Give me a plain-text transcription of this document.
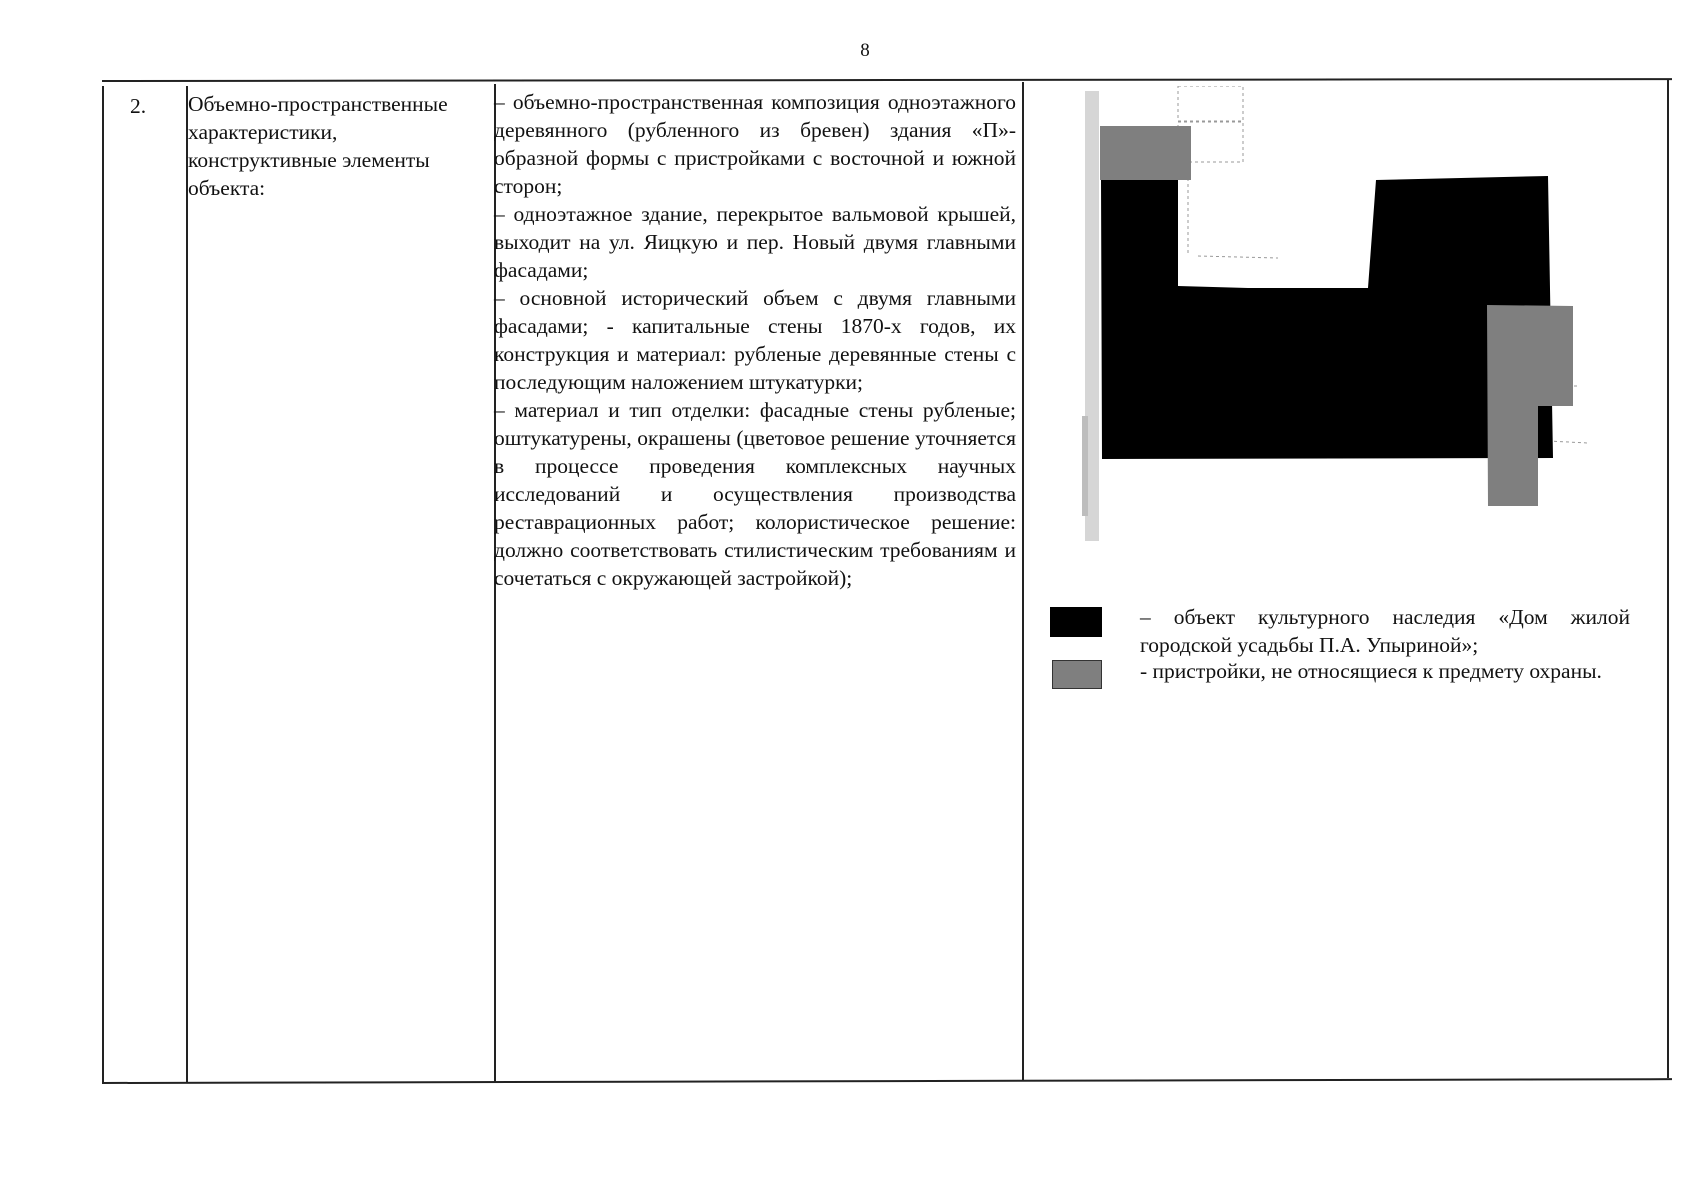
8
2. Объемно-пространственные характеристики, конструктивные элементы объекта:

– объемно-пространственная композиция одноэтажного деревянного (рубленного из бревен) здания «П»-образной формы с пристройками с восточной и южной сторон;

– одноэтажное здание, перекрытое вальмовой крышей, выходит на ул. Яицкую и пер. Новый двумя главными фасадами;

– основной исторический объем с двумя главными фасадами; - капитальные стены 1870-х годов, их конструкция и материал: рубленые деревянные стены с последующим наложением штукатурки;

– материал и тип отделки: фасадные стены рубленые; оштукатурены, окрашены (цветовое решение уточняется в процессе проведения комплексных научных исследований и осуществления производства реставрационных работ; колористическое решение: должно соответствовать стилистическим требованиям и сочетаться с окружающей застройкой);

– объект культурного наследия «Дом жилой городской усадьбы П.А. Упыриной»;
- пристройки, не относящиеся к предмету охраны.
